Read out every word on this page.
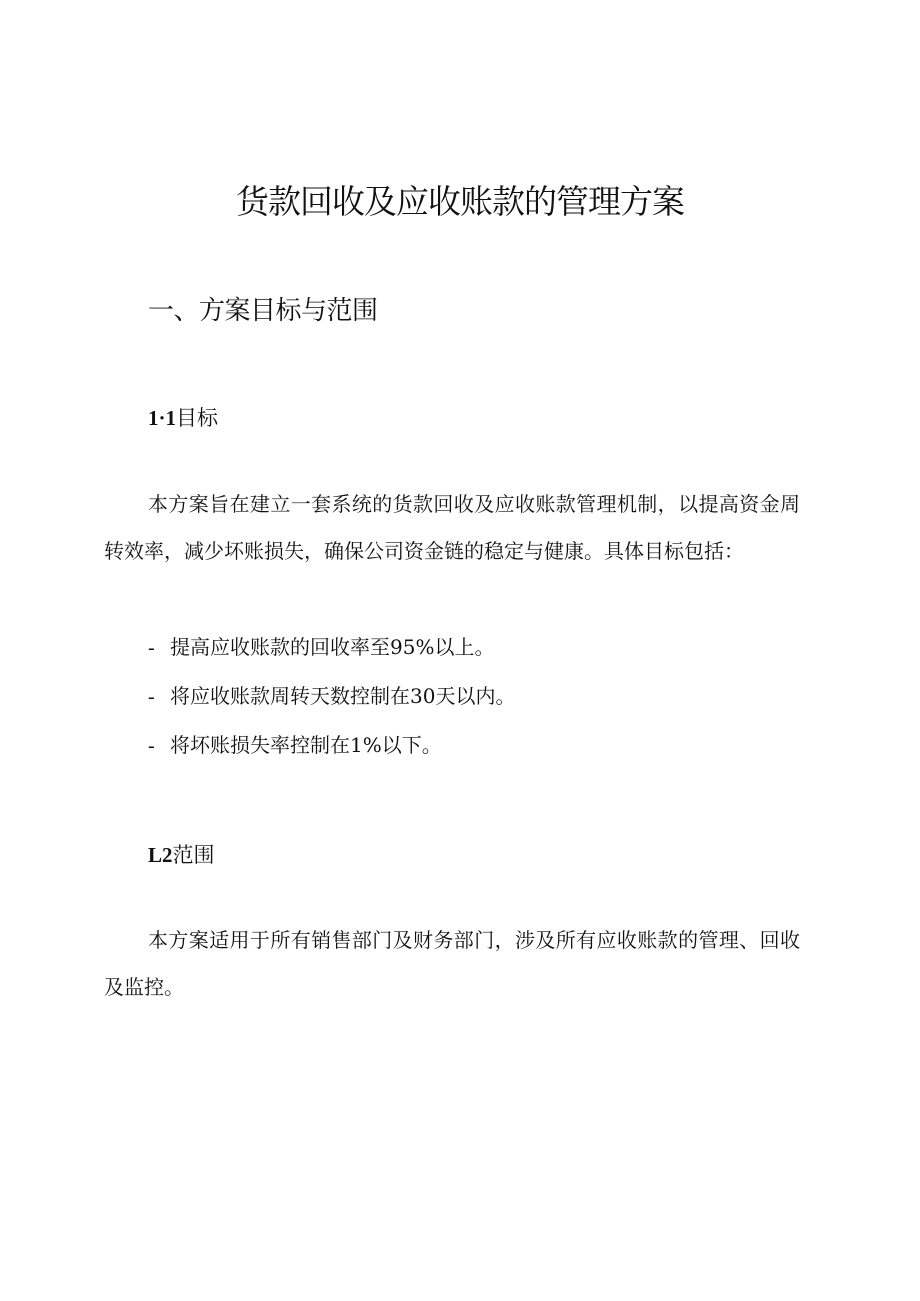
货款回收及应收账款的管理方案
一、方案目标与范围
1·1目标

本方案旨在建立一套系统的货款回收及应收账款管理机制，以提高资金周转效率，减少坏账损失，确保公司资金链的稳定与健康。具体目标包括：

- 提高应收账款的回收率至95%以上。
- 将应收账款周转天数控制在30天以内。
- 将坏账损失率控制在1%以下。
L2范围

本方案适用于所有销售部门及财务部门，涉及所有应收账款的管理、回收及监控。
